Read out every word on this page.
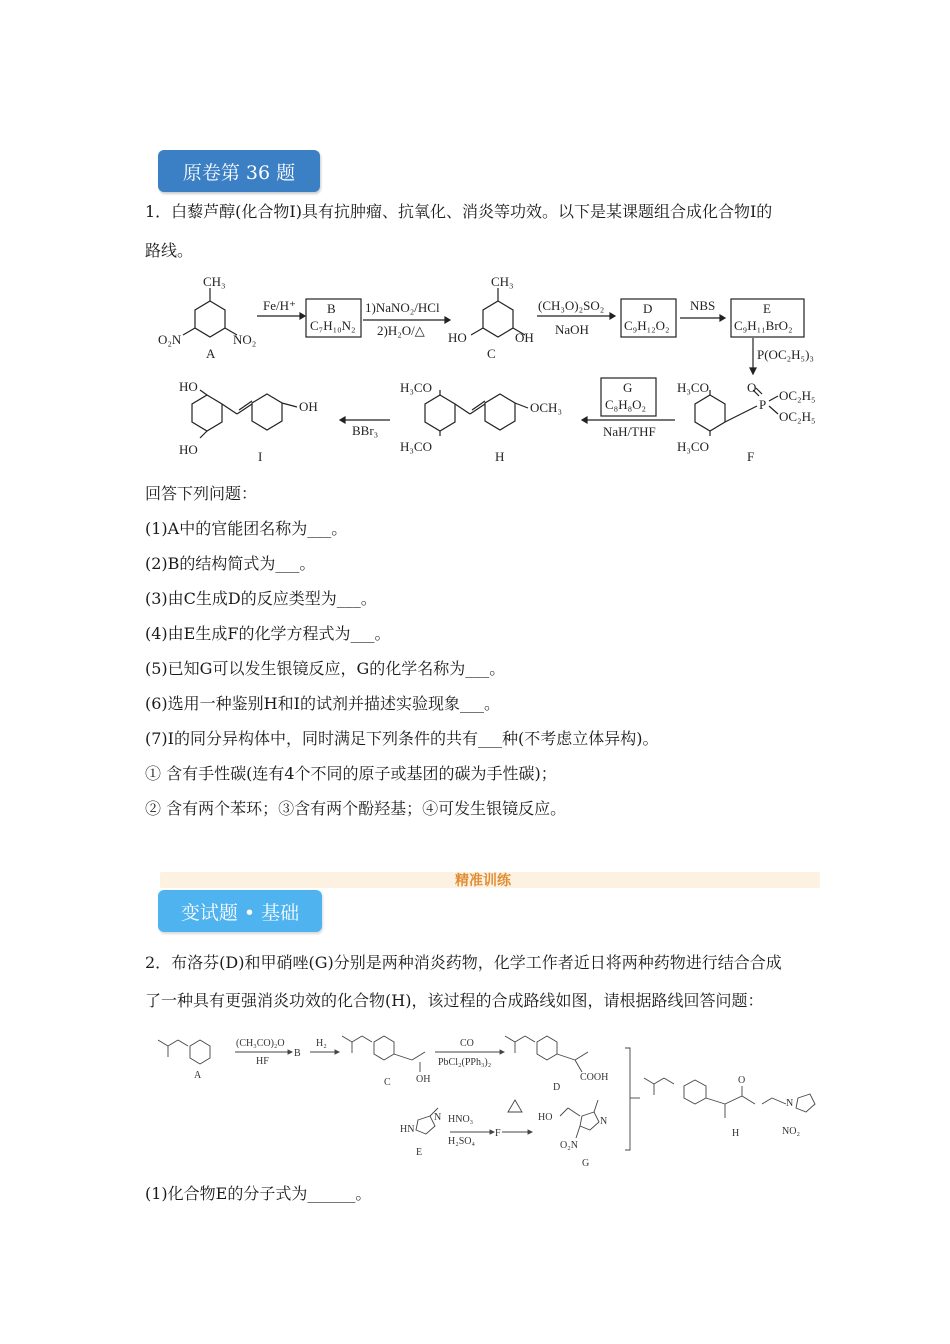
原卷第 36 题
1．白藜芦醇(化合物I)具有抗肿瘤、抗氧化、消炎等功效。以下是某课题组合成化合物I的
路线。
CH₃
O₂N	NO₂
A
Fe/H⁺ B
C₇H₁₀N₂
1)NaNO₂/HCl
2)H₂O/△
CH₃
HO	OH
C
(CH₃O)₂SO₂
NaOH
D
C₉H₁₂O₂
NBS	E
C₉H₁₁BrO₂
P(OC₂H₅)₃
H₃CO
H₃CO
O
P
OC₂H₅
OC₂H₅
F
G
C₈H₈O₂
NaH/THF
H₃CO
H₃CO
OCH₃
H
BBr₃
HO
HO
OH
I
回答下列问题：
(1)A中的官能团名称为___。
(2)B的结构简式为___。
(3)由C生成D的反应类型为___。
(4)由E生成F的化学方程式为___。
(5)已知G可以发生银镜反应，G的化学名称为___。
(6)选用一种鉴别H和I的试剂并描述实验现象___。
(7)I的同分异构体中，同时满足下列条件的共有___种(不考虑立体异构)。
① 含有手性碳(连有4个不同的原子或基团的碳为手性碳)；
② 含有两个苯环；③含有两个酚羟基；④可发生银镜反应。
精准训练
变试题 • 基础
2．布洛芬(D)和甲硝唑(G)分别是两种消炎药物，化学工作者近日将两种药物进行结合合成
了一种具有更强消炎功效的化合物(H)，该过程的合成路线如图，请根据路线回答问题：
A
(CH₃CO)₂O
HF
B
H₂
C	OH
CO
PbCl₂(PPh₃)₂
D
COOH
HN
N
E
HNO₃
H₂SO₄
F
HO	N
O₂N
G
O
N
NO₂
H
(1)化合物E的分子式为______。
